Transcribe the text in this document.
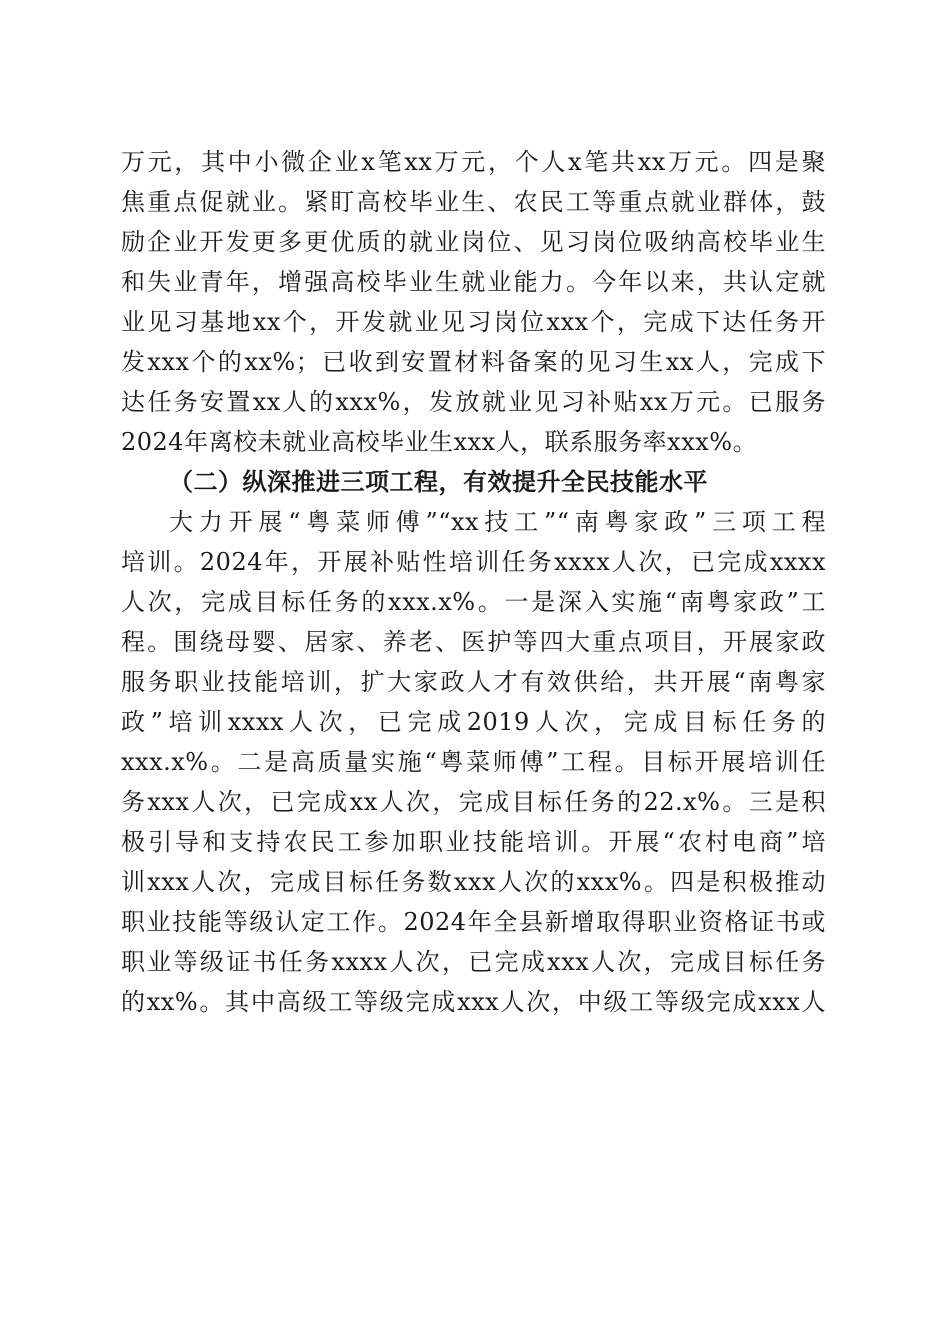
万元，其中小微企业x笔xx万元，个人x笔共xx万元。四是聚
焦重点促就业。紧盯高校毕业生、农民工等重点就业群体，鼓
励企业开发更多更优质的就业岗位、见习岗位吸纳高校毕业生
和失业青年，增强高校毕业生就业能力。今年以来，共认定就
业见习基地xx个，开发就业见习岗位xxx个，完成下达任务开
发xxx个的xx%；已收到安置材料备案的见习生xx人，完成下
达任务安置xx人的xxx%，发放就业见习补贴xx万元。已服务
2024年离校未就业高校毕业生xxx人，联系服务率xxx%。
（二）纵深推进三项工程，有效提升全民技能水平
大力开展“粤菜师傅”“xx技工”“南粤家政”三项工程
培训。2024年，开展补贴性培训任务xxxx人次，已完成xxxx
人次，完成目标任务的xxx.x%。一是深入实施“南粤家政”工
程。围绕母婴、居家、养老、医护等四大重点项目，开展家政
服务职业技能培训，扩大家政人才有效供给，共开展“南粤家
政”培训xxxx人次，已完成2019人次，完成目标任务的
xxx.x%。二是高质量实施“粤菜师傅”工程。目标开展培训任
务xxx人次，已完成xx人次，完成目标任务的22.x%。三是积
极引导和支持农民工参加职业技能培训。开展“农村电商”培
训xxx人次，完成目标任务数xxx人次的xxx%。四是积极推动
职业技能等级认定工作。2024年全县新增取得职业资格证书或
职业等级证书任务xxxx人次，已完成xxx人次，完成目标任务
的xx%。其中高级工等级完成xxx人次，中级工等级完成xxx人
